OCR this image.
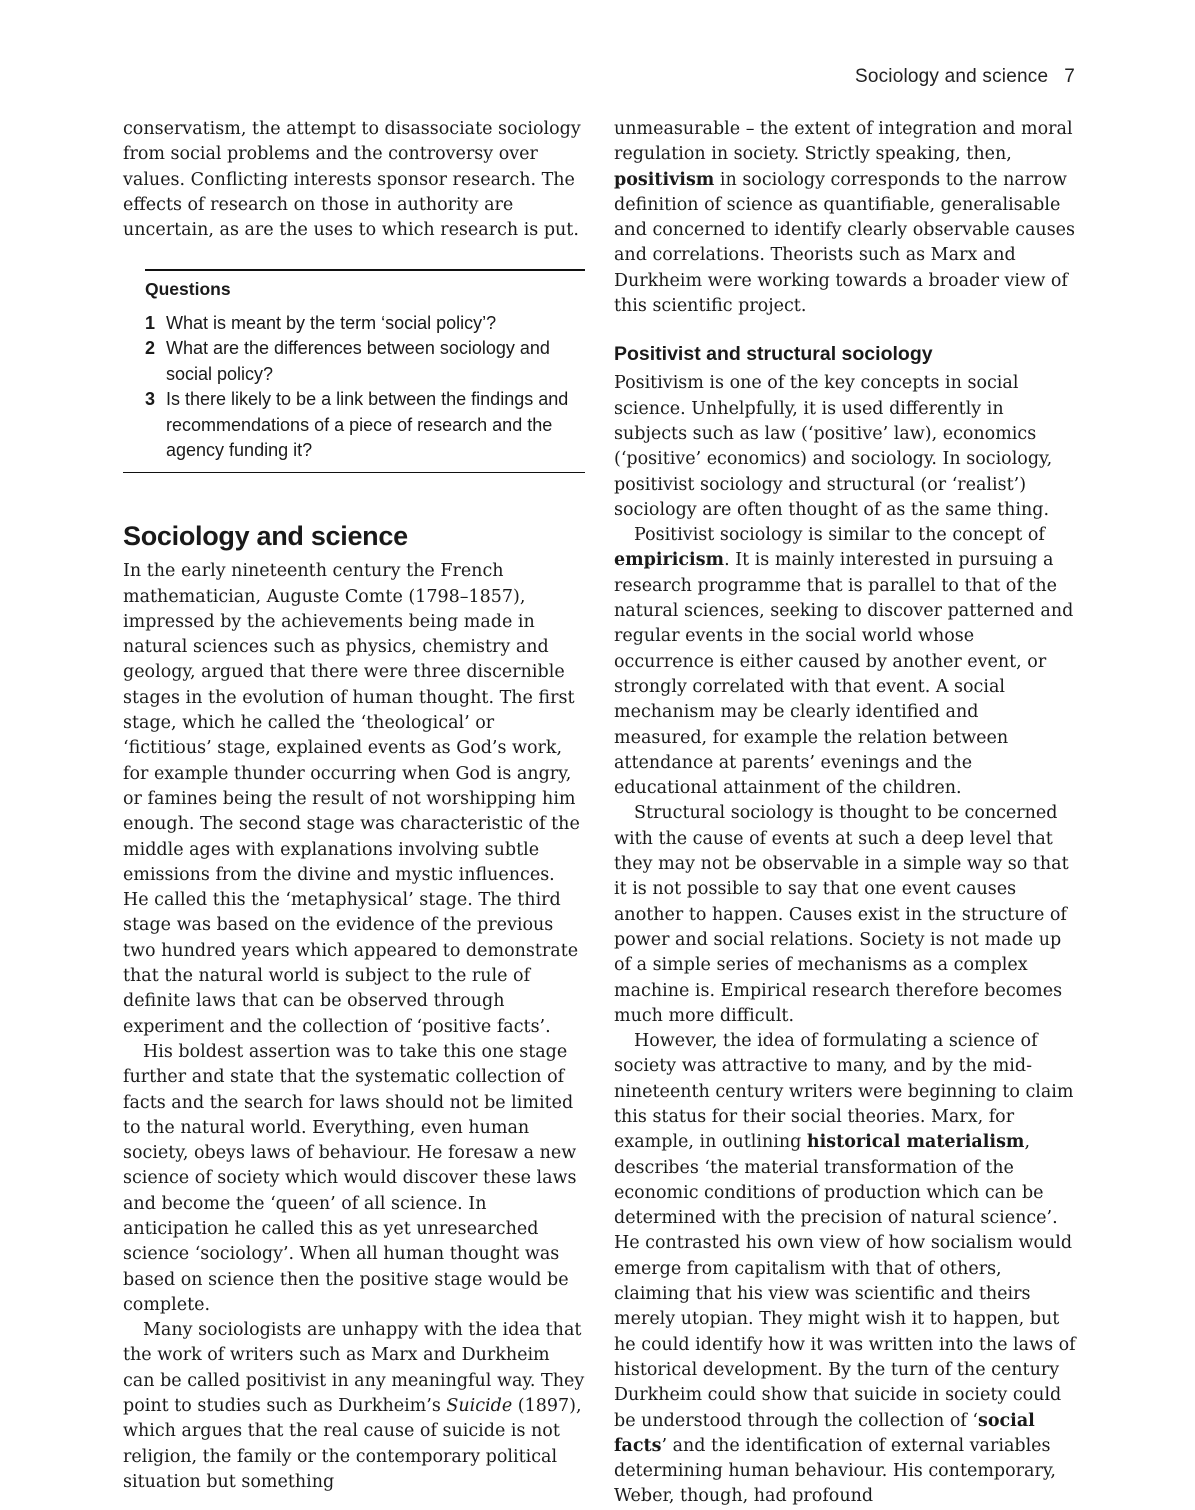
Sociology and science 7

conservatism, the attempt to disassociate sociology from social problems and the controversy over values. Conflicting interests sponsor research. The effects of research on those in authority are uncertain, as are the uses to which research is put.

Questions
1 What is meant by the term ‘social policy’?
2 What are the differences between sociology and social policy?
3 Is there likely to be a link between the findings and recommendations of a piece of research and the agency funding it?
Sociology and science

In the early nineteenth century the French mathematician, Auguste Comte (1798–1857), impressed by the achievements being made in natural sciences such as physics, chemistry and geology, argued that there were three discernible stages in the evolution of human thought. The first stage, which he called the ‘theological’ or ‘fictitious’ stage, explained events as God’s work, for example thunder occurring when God is angry, or famines being the result of not worshipping him enough. The second stage was characteristic of the middle ages with explanations involving subtle emissions from the divine and mystic influences. He called this the ‘metaphysical’ stage. The third stage was based on the evidence of the previous two hundred years which appeared to demonstrate that the natural world is subject to the rule of definite laws that can be observed through experiment and the collection of ‘positive facts’.

His boldest assertion was to take this one stage further and state that the systematic collection of facts and the search for laws should not be limited to the natural world. Everything, even human society, obeys laws of behaviour. He foresaw a new science of society which would discover these laws and become the ‘queen’ of all science. In anticipation he called this as yet unresearched science ‘sociology’. When all human thought was based on science then the positive stage would be complete.

Many sociologists are unhappy with the idea that the work of writers such as Marx and Durkheim can be called positivist in any meaningful way. They point to studies such as Durkheim’s Suicide (1897), which argues that the real cause of suicide is not religion, the family or the contemporary political situation but something

unmeasurable – the extent of integration and moral regulation in society. Strictly speaking, then, positivism in sociology corresponds to the narrow definition of science as quantifiable, generalisable and concerned to identify clearly observable causes and correlations. Theorists such as Marx and Durkheim were working towards a broader view of this scientific project.

Positivist and structural sociology

Positivism is one of the key concepts in social science. Unhelpfully, it is used differently in subjects such as law (‘positive’ law), economics (‘positive’ economics) and sociology. In sociology, positivist sociology and structural (or ‘realist’) sociology are often thought of as the same thing.

Positivist sociology is similar to the concept of empiricism. It is mainly interested in pursuing a research programme that is parallel to that of the natural sciences, seeking to discover patterned and regular events in the social world whose occurrence is either caused by another event, or strongly correlated with that event. A social mechanism may be clearly identified and measured, for example the relation between attendance at parents’ evenings and the educational attainment of the children.

Structural sociology is thought to be concerned with the cause of events at such a deep level that they may not be observable in a simple way so that it is not possible to say that one event causes another to happen. Causes exist in the structure of power and social relations. Society is not made up of a simple series of mechanisms as a complex machine is. Empirical research therefore becomes much more difficult.

However, the idea of formulating a science of society was attractive to many, and by the mid-nineteenth century writers were beginning to claim this status for their social theories. Marx, for example, in outlining historical materialism, describes ‘the material transformation of the economic conditions of production which can be determined with the precision of natural science’. He contrasted his own view of how socialism would emerge from capitalism with that of others, claiming that his view was scientific and theirs merely utopian. They might wish it to happen, but he could identify how it was written into the laws of historical development. By the turn of the century Durkheim could show that suicide in society could be understood through the collection of ‘social facts’ and the identification of external variables determining human behaviour. His contemporary, Weber, though, had profound
